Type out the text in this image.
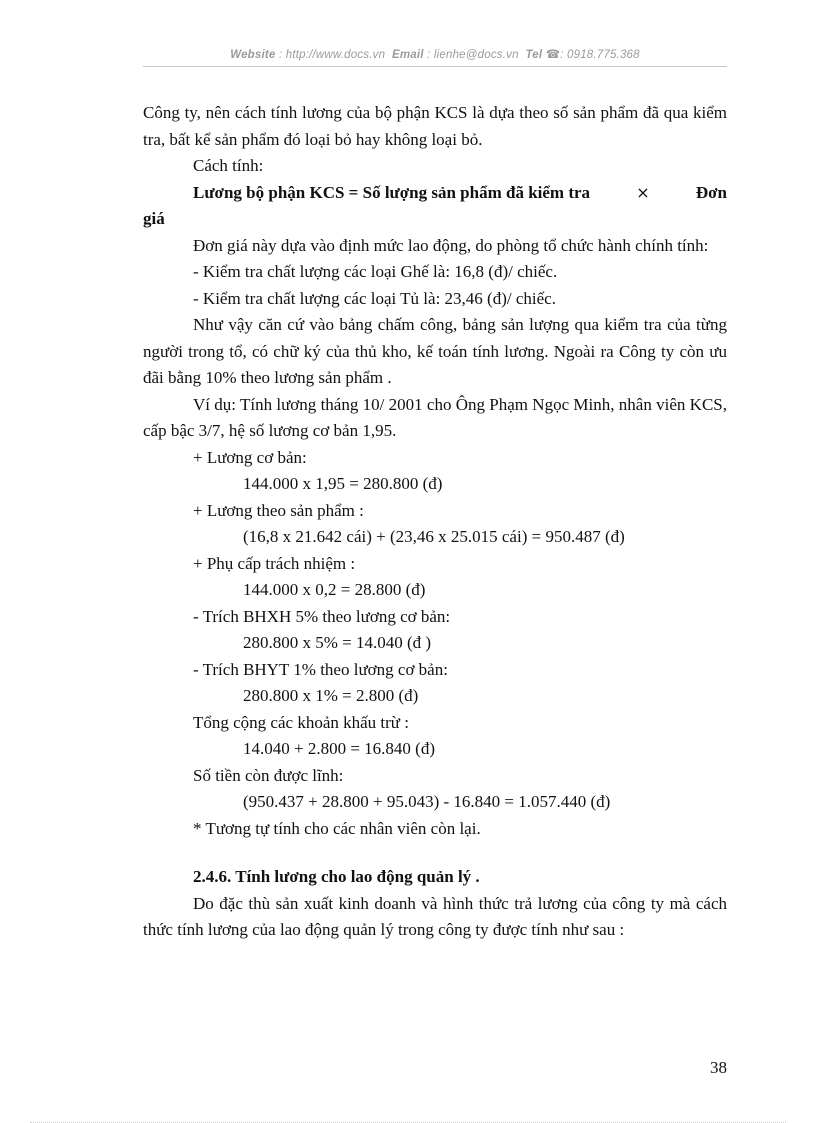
Website : http://www.docs.vn Email : lienhe@docs.vn Tel ☎: 0918.775.368

Công ty, nên cách tính lương của bộ phận KCS là dựa theo số sản phẩm đã qua kiểm tra, bất kể sản phẩm đó loại bỏ hay không loại bỏ.

Cách tính:

Lương bộ phận KCS = Số lượng sản phẩm đã kiểm tra	×	Đơn

giá

Đơn giá này dựa vào định mức lao động, do phòng tổ chức hành chính tính:

- Kiểm tra chất lượng các loại Ghế là: 16,8 (đ)/ chiếc.

- Kiểm tra chất lượng các loại Tủ là: 23,46 (đ)/ chiếc.

Như vậy căn cứ vào bảng chấm công, bảng sản lượng qua kiểm tra của từng người trong tổ, có chữ ký của thủ kho, kế toán tính lương. Ngoài ra Công ty còn ưu đãi bằng 10% theo lương sản phẩm .

Ví dụ: Tính lương tháng 10/ 2001 cho Ông Phạm Ngọc Minh, nhân viên KCS, cấp bậc 3/7, hệ số lương cơ bản 1,95.

+ Lương cơ bản:

144.000 x 1,95 = 280.800 (đ)

+ Lương theo sản phẩm :

(16,8 x 21.642 cái) + (23,46 x 25.015 cái) = 950.487 (đ)

+ Phụ cấp trách nhiệm :

144.000 x 0,2 = 28.800 (đ)

- Trích BHXH 5% theo lương cơ bản:

280.800 x 5% = 14.040 (đ )

- Trích BHYT 1% theo lương cơ bản:

280.800 x 1% = 2.800 (đ)

Tổng cộng các khoản khấu trừ :

14.040 + 2.800 = 16.840 (đ)

Số tiền còn được lĩnh:

(950.437 + 28.800 + 95.043) - 16.840 = 1.057.440 (đ)

* Tương tự tính cho các nhân viên còn lại.

2.4.6. Tính lương cho lao động quản lý .

Do đặc thù sản xuất kinh doanh và hình thức trả lương của công ty mà cách thức tính lương của lao động quản lý trong công ty được tính như sau :

38
